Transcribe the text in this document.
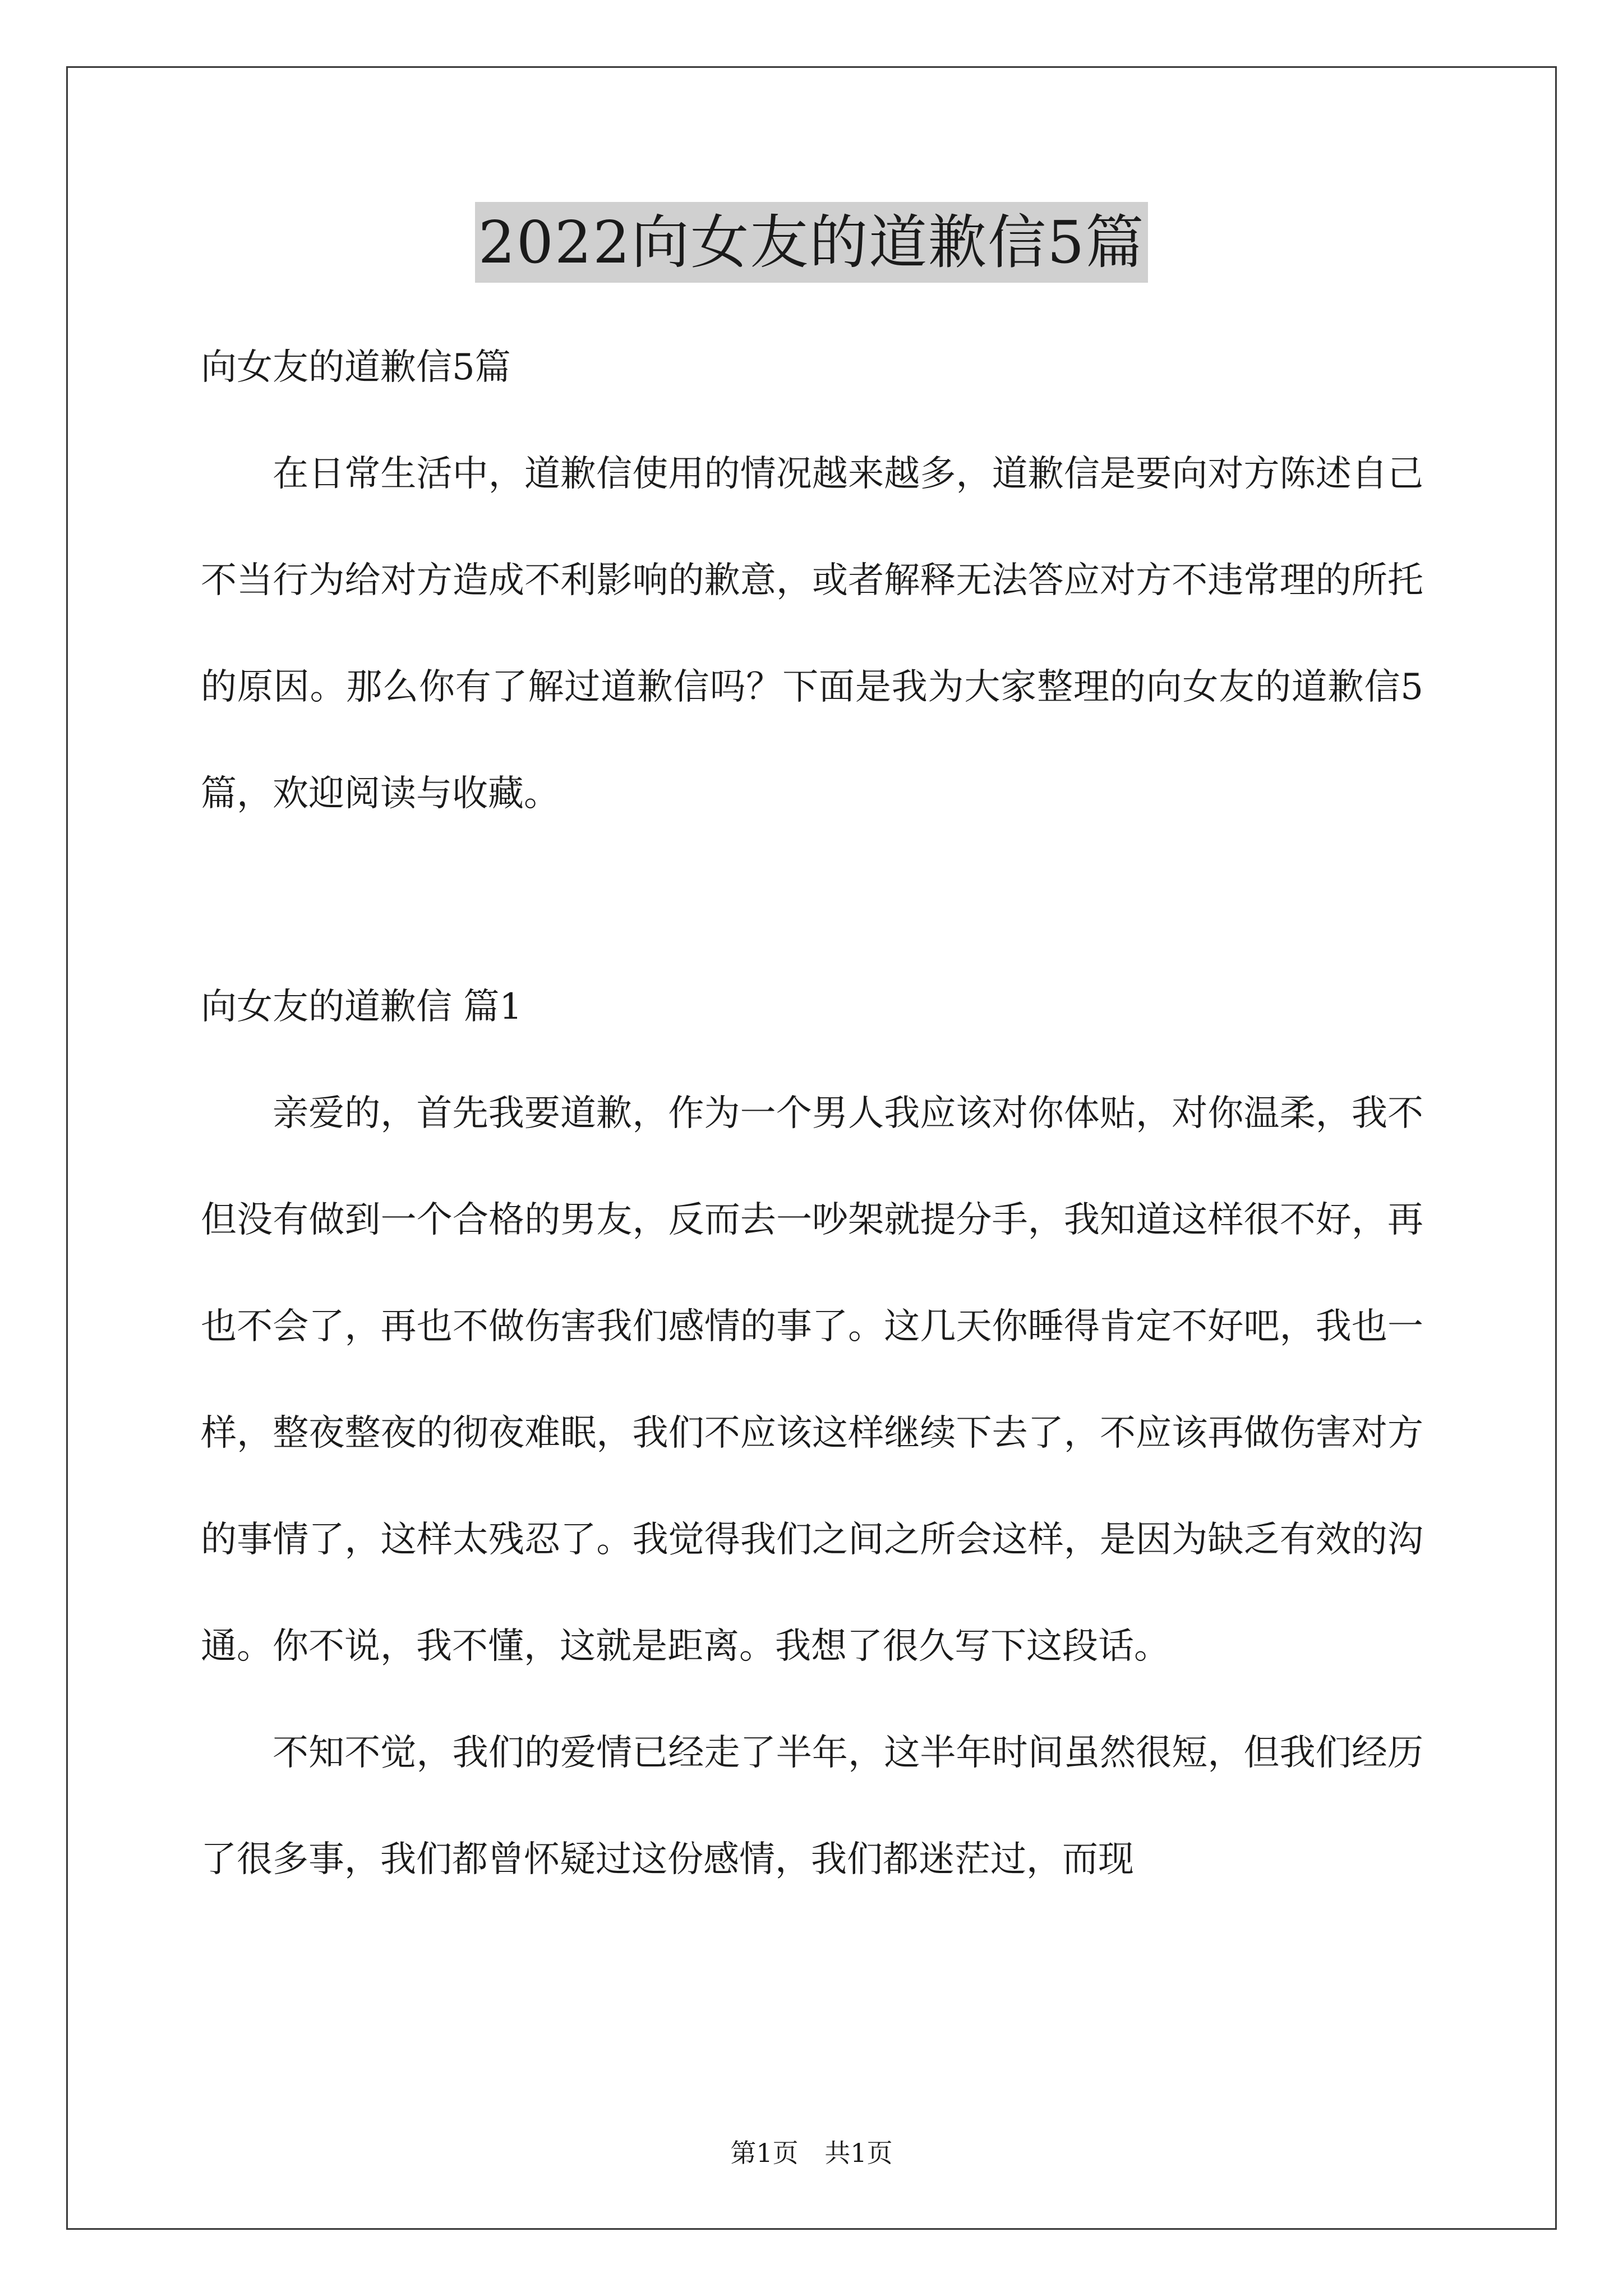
2022向女友的道歉信5篇
向女友的道歉信5篇

在日常生活中，道歉信使用的情况越来越多，道歉信是要向对方陈述自己不当行为给对方造成不利影响的歉意，或者解释无法答应对方不违常理的所托的原因。那么你有了解过道歉信吗？下面是我为大家整理的向女友的道歉信5篇，欢迎阅读与收藏。

向女友的道歉信 篇1

亲爱的，首先我要道歉，作为一个男人我应该对你体贴，对你温柔，我不但没有做到一个合格的男友，反而去一吵架就提分手，我知道这样很不好，再也不会了，再也不做伤害我们感情的事了。这几天你睡得肯定不好吧，我也一样，整夜整夜的彻夜难眠，我们不应该这样继续下去了，不应该再做伤害对方的事情了，这样太残忍了。我觉得我们之间之所会这样，是因为缺乏有效的沟通。你不说，我不懂，这就是距离。我想了很久写下这段话。

不知不觉，我们的爱情已经走了半年，这半年时间虽然很短，但我们经历了很多事，我们都曾怀疑过这份感情，我们都迷茫过，而现

第1页 共1页
